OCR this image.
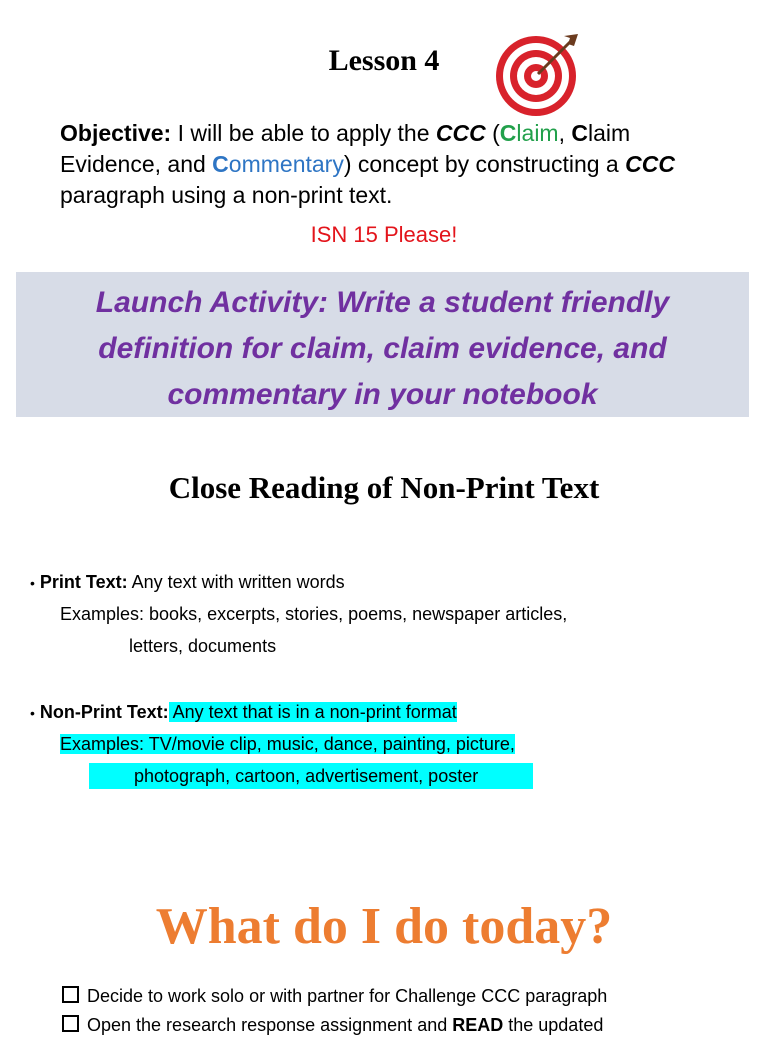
Lesson 4
Objective: I will be able to apply the CCC (Claim, Claim Evidence, and Commentary) concept by constructing a CCC paragraph using a non-print text.
ISN 15 Please!
Launch Activity: Write a student friendly
definition for claim, claim evidence, and
commentary in your notebook
Close Reading of Non-Print Text
• Print Text: Any text with written words
Examples: books, excerpts, stories, poems, newspaper articles,
letters, documents
• Non-Print Text: Any text that is in a non-print format
Examples: TV/movie clip, music, dance, painting, picture,
photograph, cartoon, advertisement, poster
What do I do today?
Decide to work solo or with partner for Challenge CCC paragraph
Open the research response assignment and READ the updated
